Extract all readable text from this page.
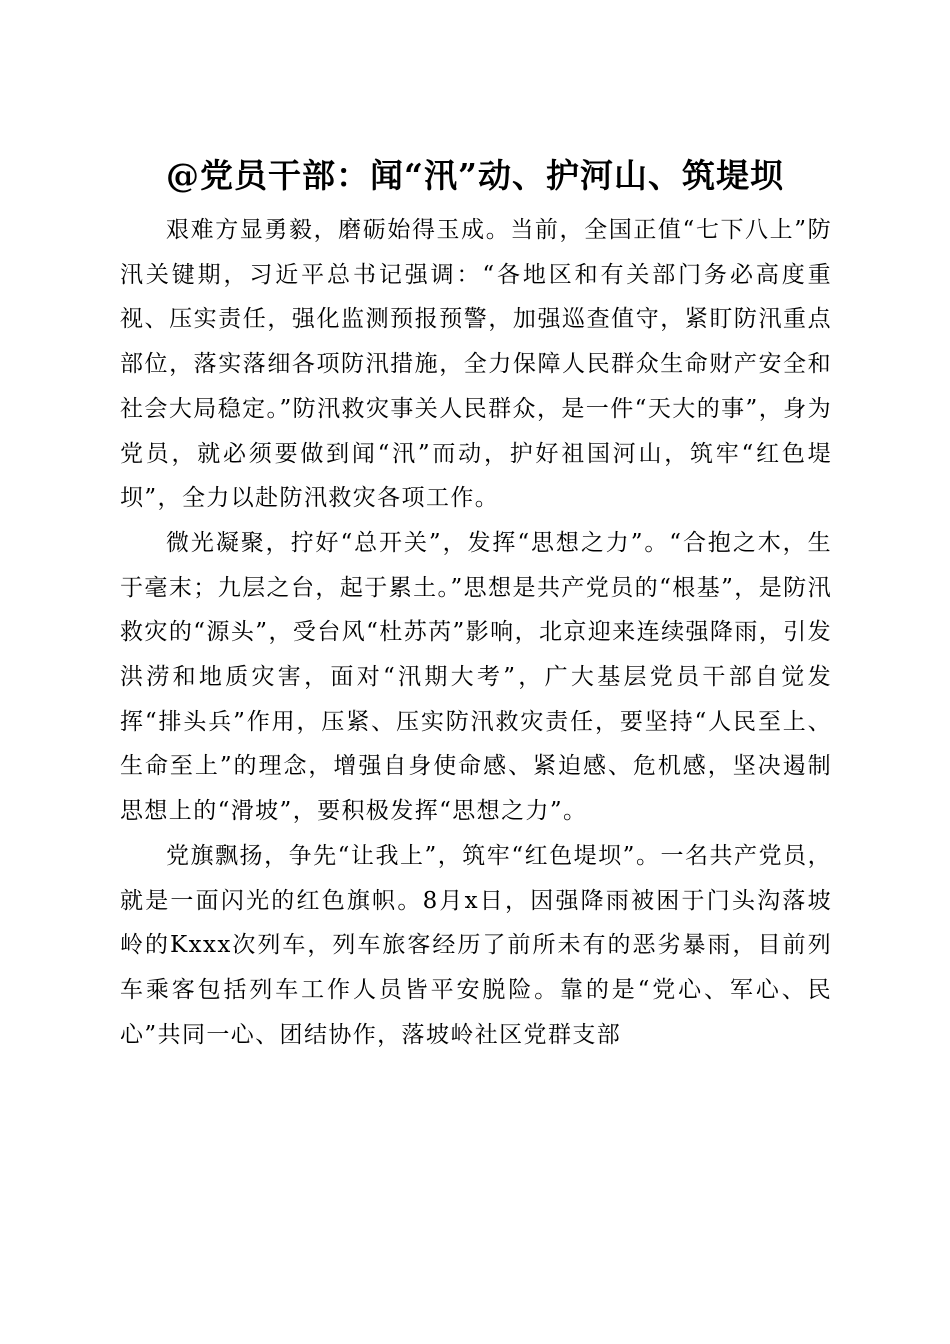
@党员干部：闻“汛”动、护河山、筑堤坝

艰难方显勇毅，磨砺始得玉成。当前，全国正值“七下八上”防汛关键期，习近平总书记强调：“各地区和有关部门务必高度重视、压实责任，强化监测预报预警，加强巡查值守，紧盯防汛重点部位，落实落细各项防汛措施，全力保障人民群众生命财产安全和社会大局稳定。”防汛救灾事关人民群众，是一件“天大的事”，身为党员，就必须要做到闻“汛”而动，护好祖国河山，筑牢“红色堤坝”，全力以赴防汛救灾各项工作。

微光凝聚，拧好“总开关”，发挥“思想之力”。“合抱之木，生于毫末；九层之台，起于累土。”思想是共产党员的“根基”，是防汛救灾的“源头”，受台风“杜苏芮”影响，北京迎来连续强降雨，引发洪涝和地质灾害，面对“汛期大考”，广大基层党员干部自觉发挥“排头兵”作用，压紧、压实防汛救灾责任，要坚持“人民至上、生命至上”的理念，增强自身使命感、紧迫感、危机感，坚决遏制思想上的“滑坡”，要积极发挥“思想之力”。

党旗飘扬，争先“让我上”，筑牢“红色堤坝”。一名共产党员，就是一面闪光的红色旗帜。8月x日，因强降雨被困于门头沟落坡岭的Kxxx次列车，列车旅客经历了前所未有的恶劣暴雨，目前列车乘客包括列车工作人员皆平安脱险。靠的是“党心、军心、民心”共同一心、团结协作，落坡岭社区党群支部
